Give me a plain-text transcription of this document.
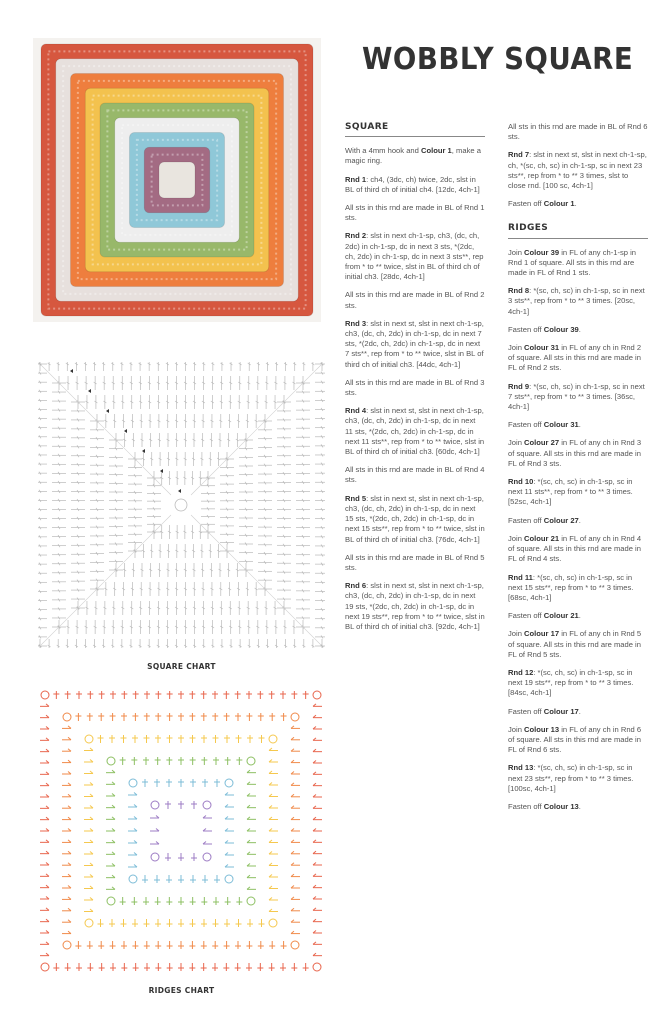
WOBBLY SQUARE
SQUARE CHART
RIDGES CHART
SQUARE

With a 4mm hook and Colour 1, make a magic ring.

Rnd 1: ch4, (3dc, ch) twice, 2dc, slst in BL of third ch of initial ch4. [12dc, 4ch-1]

All sts in this rnd are made in BL of Rnd 1 sts.

Rnd 2: slst in next ch-1-sp, ch3, (dc, ch, 2dc) in ch-1-sp, dc in next 3 sts, *(2dc, ch, 2dc) in ch-1-sp, dc in next 3 sts**, rep from * to ** twice, slst in BL of third ch of initial ch3. [28dc, 4ch-1]

All sts in this rnd are made in BL of Rnd 2 sts.

Rnd 3: slst in next st, slst in next ch-1-sp, ch3, (dc, ch, 2dc) in ch-1-sp, dc in next 7 sts, *(2dc, ch, 2dc) in ch-1-sp, dc in next 7 sts**, rep from * to ** twice, slst in BL of third ch of initial ch3. [44dc, 4ch-1]

All sts in this rnd are made in BL of Rnd 3 sts.

Rnd 4: slst in next st, slst in next ch-1-sp, ch3, (dc, ch, 2dc) in ch-1-sp, dc in next 11 sts, *(2dc, ch, 2dc) in ch-1-sp, dc in next 11 sts**, rep from * to ** twice, slst in BL of third ch of initial ch3. [60dc, 4ch-1]

All sts in this rnd are made in BL of Rnd 4 sts.

Rnd 5: slst in next st, slst in next ch-1-sp, ch3, (dc, ch, 2dc) in ch-1-sp, dc in next 15 sts, *(2dc, ch, 2dc) in ch-1-sp, dc in next 15 sts**, rep from * to ** twice, slst in BL of third ch of initial ch3. [76dc, 4ch-1]

All sts in this rnd are made in BL of Rnd 5 sts.

Rnd 6: slst in next st, slst in next ch-1-sp, ch3, (dc, ch, 2dc) in ch-1-sp, dc in next 19 sts, *(2dc, ch, 2dc) in ch-1-sp, dc in next 19 sts**, rep from * to ** twice, slst in BL of third ch of initial ch3. [92dc, 4ch-1]

All sts in this rnd are made in BL of Rnd 6 sts.

Rnd 7: slst in next st, slst in next ch-1-sp, ch, *(sc, ch, sc) in ch-1-sp, sc in next 23 sts**, rep from * to ** 3 times, slst to close rnd. [100 sc, 4ch-1]

Fasten off Colour 1.

RIDGES

Join Colour 39 in FL of any ch-1-sp in Rnd 1 of square. All sts in this rnd are made in FL of Rnd 1 sts.

Rnd 8: *(sc, ch, sc) in ch-1-sp, sc in next 3 sts**, rep from * to ** 3 times. [20sc, 4ch-1]

Fasten off Colour 39.

Join Colour 31 in FL of any ch in Rnd 2 of square. All sts in this rnd are made in FL of Rnd 2 sts.

Rnd 9: *(sc, ch, sc) in ch-1-sp, sc in next 7 sts**, rep from * to ** 3 times. [36sc, 4ch-1]

Fasten off Colour 31.

Join Colour 27 in FL of any ch in Rnd 3 of square. All sts in this rnd are made in FL of Rnd 3 sts.

Rnd 10: *(sc, ch, sc) in ch-1-sp, sc in next 11 sts**, rep from * to ** 3 times. [52sc, 4ch-1]

Fasten off Colour 27.

Join Colour 21 in FL of any ch in Rnd 4 of square. All sts in this rnd are made in FL of Rnd 4 sts.

Rnd 11: *(sc, ch, sc) in ch-1-sp, sc in next 15 sts**, rep from * to ** 3 times. [68sc, 4ch-1]

Fasten off Colour 21.

Join Colour 17 in FL of any ch in Rnd 5 of square. All sts in this rnd are made in FL of Rnd 5 sts.

Rnd 12: *(sc, ch, sc) in ch-1-sp, sc in next 19 sts**, rep from * to ** 3 times. [84sc, 4ch-1]

Fasten off Colour 17.

Join Colour 13 in FL of any ch in Rnd 6 of square. All sts in this rnd are made in FL of Rnd 6 sts.

Rnd 13: *(sc, ch, sc) in ch-1-sp, sc in next 23 sts**, rep from * to ** 3 times. [100sc, 4ch-1]

Fasten off Colour 13.
